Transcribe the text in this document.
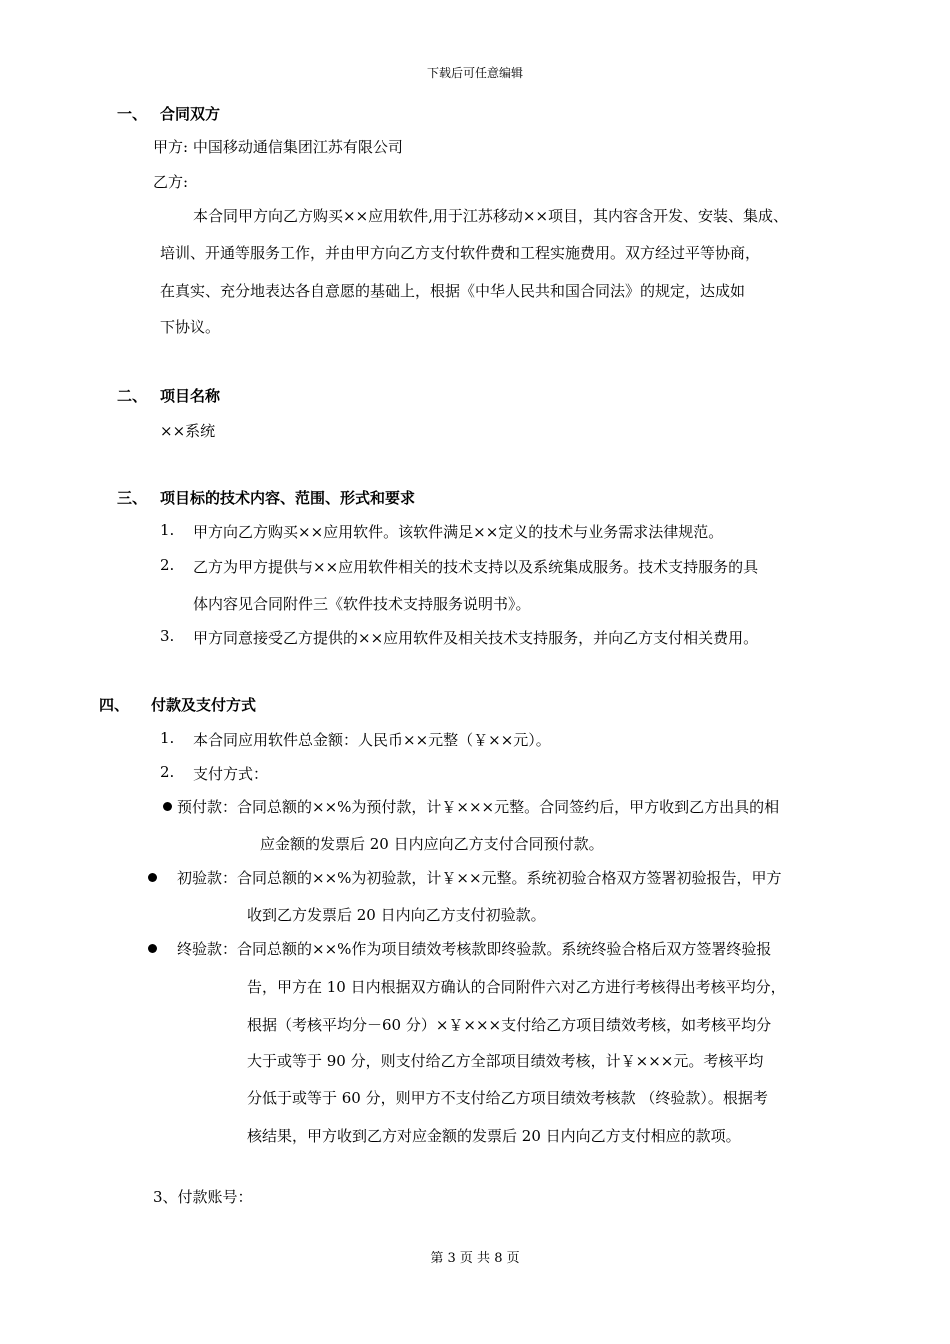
下载后可任意编辑
一、 合同双方
甲方: 中国移动通信集团江苏有限公司
乙方:
本合同甲方向乙方购买××应用软件,用于江苏移动××项目，其内容含开发、安装、集成、
培训、开通等服务工作，并由甲方向乙方支付软件费和工程实施费用。双方经过平等协商，
在真实、充分地表达各自意愿的基础上，根据《中华人民共和国合同法》的规定，达成如
下协议。
二、 项目名称
××系统
三、 项目标的技术内容、范围、形式和要求
1. 甲方向乙方购买××应用软件。该软件满足××定义的技术与业务需求法律规范。
2. 乙方为甲方提供与××应用软件相关的技术支持以及系统集成服务。技术支持服务的具
体内容见合同附件三《软件技术支持服务说明书》。
3. 甲方同意接受乙方提供的××应用软件及相关技术支持服务，并向乙方支付相关费用。
四、 付款及支付方式
1. 本合同应用软件总金额：人民币××元整（￥××元）。
2. 支付方式：
预付款：合同总额的××%为预付款，计￥×××元整。合同签约后，甲方收到乙方出具的相
应金额的发票后 20 日内应向乙方支付合同预付款。
初验款：合同总额的××%为初验款，计￥××元整。系统初验合格双方签署初验报告，甲方
收到乙方发票后 20 日内向乙方支付初验款。
终验款：合同总额的××%作为项目绩效考核款即终验款。系统终验合格后双方签署终验报
告，甲方在 10 日内根据双方确认的合同附件六对乙方进行考核得出考核平均分，
根据（考核平均分－60 分）×￥×××支付给乙方项目绩效考核，如考核平均分
大于或等于 90 分，则支付给乙方全部项目绩效考核，计￥×××元。考核平均
分低于或等于 60 分，则甲方不支付给乙方项目绩效考核款 （终验款）。根据考
核结果，甲方收到乙方对应金额的发票后 20 日内向乙方支付相应的款项。
3、付款账号：
第 3 页 共 8 页
